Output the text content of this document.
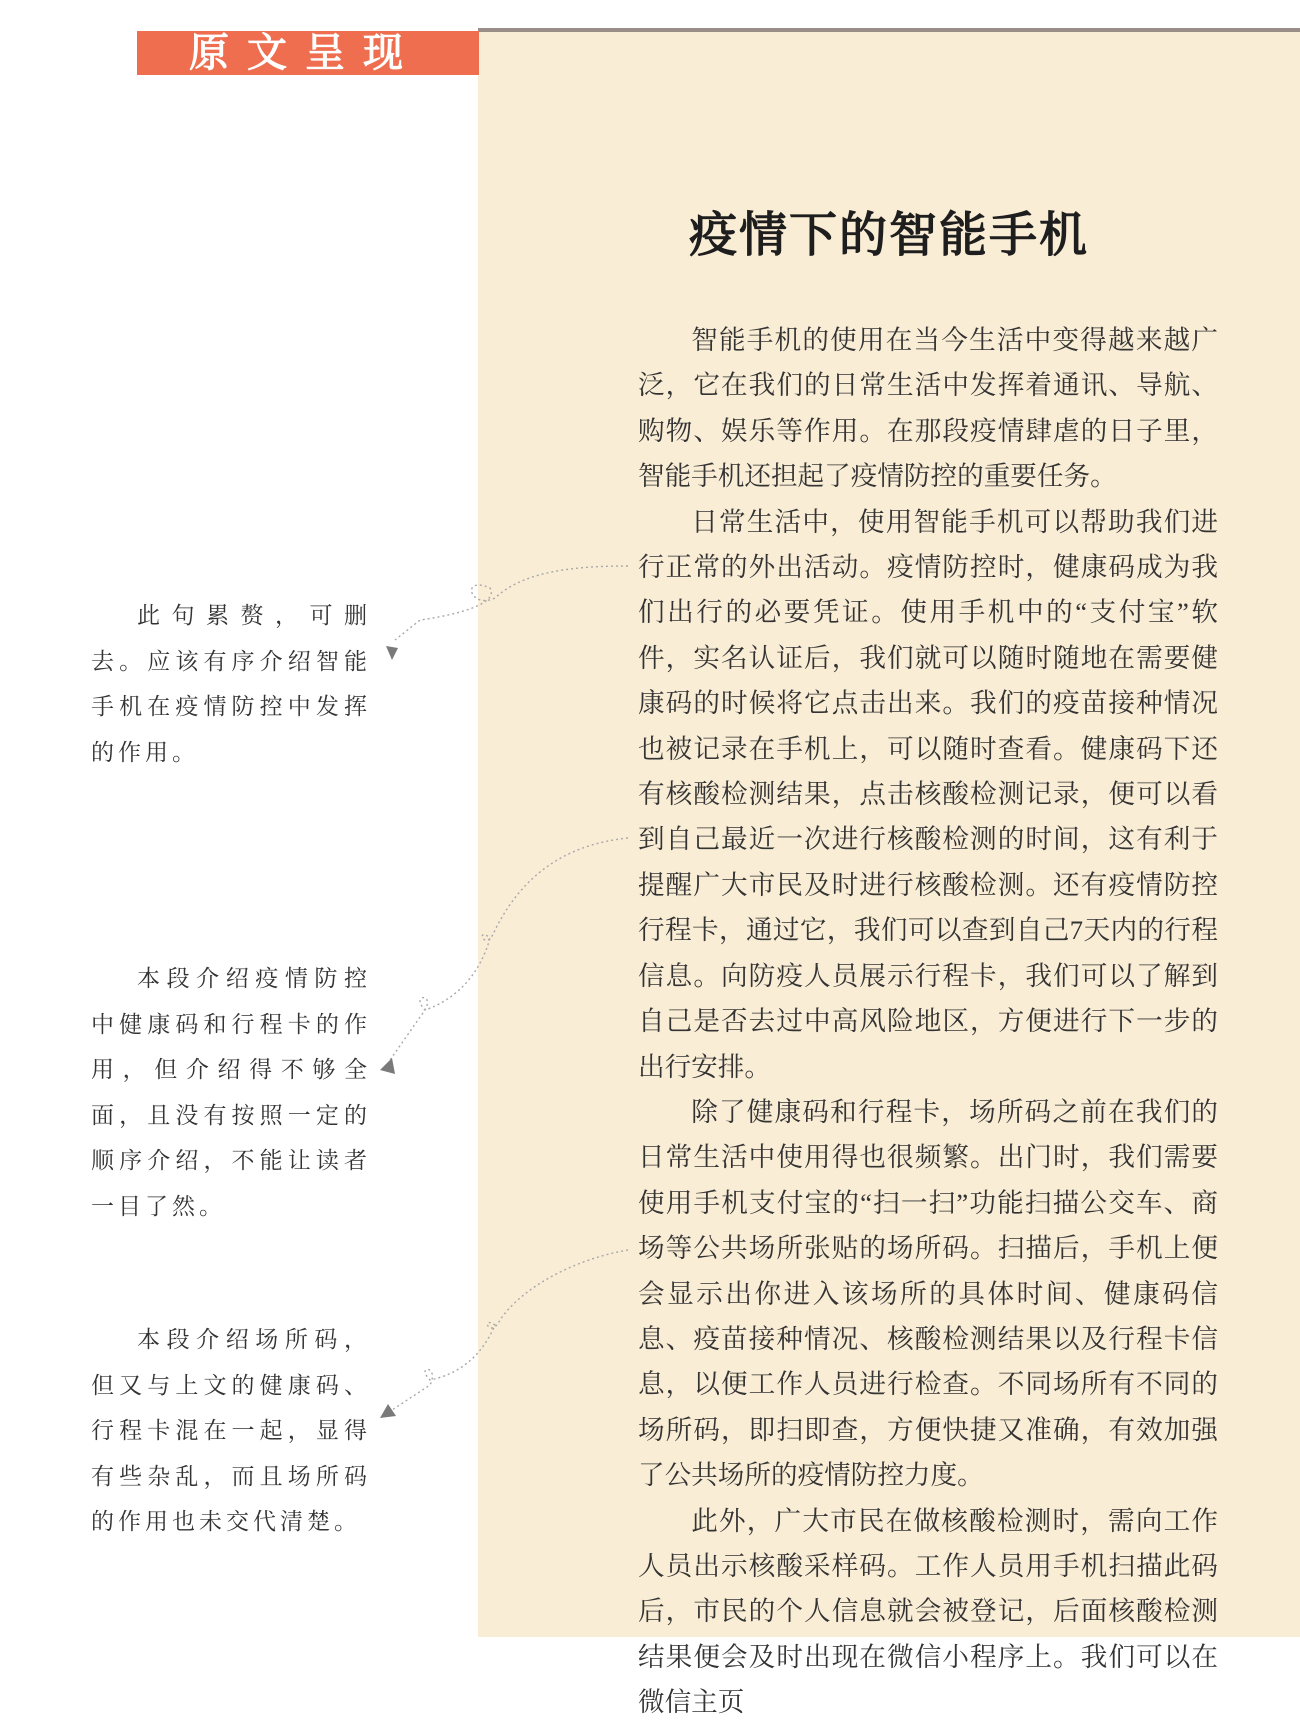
原文呈现
疫情下的智能手机

智能手机的使用在当今生活中变得越来越广泛，它在我们的日常生活中发挥着通讯、导航、购物、娱乐等作用。在那段疫情肆虐的日子里，智能手机还担起了疫情防控的重要任务。

日常生活中，使用智能手机可以帮助我们进行正常的外出活动。疫情防控时，健康码成为我们出行的必要凭证。使用手机中的“支付宝”软件，实名认证后，我们就可以随时随地在需要健康码的时候将它点击出来。我们的疫苗接种情况也被记录在手机上，可以随时查看。健康码下还有核酸检测结果，点击核酸检测记录，便可以看到自己最近一次进行核酸检测的时间，这有利于提醒广大市民及时进行核酸检测。还有疫情防控行程卡，通过它，我们可以查到自己7天内的行程信息。向防疫人员展示行程卡，我们可以了解到自己是否去过中高风险地区，方便进行下一步的出行安排。

除了健康码和行程卡，场所码之前在我们的日常生活中使用得也很频繁。出门时，我们需要使用手机支付宝的“扫一扫”功能扫描公交车、商场等公共场所张贴的场所码。扫描后，手机上便会显示出你进入该场所的具体时间、健康码信息、疫苗接种情况、核酸检测结果以及行程卡信息，以便工作人员进行检查。不同场所有不同的场所码，即扫即查，方便快捷又准确，有效加强了公共场所的疫情防控力度。

此外，广大市民在做核酸检测时，需向工作人员出示核酸采样码。工作人员用手机扫描此码后，市民的个人信息就会被登记，后面核酸检测结果便会及时出现在微信小程序上。我们可以在微信主页

此句累赘，可删去。应该有序介绍智能手机在疫情防控中发挥的作用。
本段介绍疫情防控中健康码和行程卡的作用，但介绍得不够全面，且没有按照一定的顺序介绍，不能让读者一目了然。
本段介绍场所码，但又与上文的健康码、行程卡混在一起，显得有些杂乱，而且场所码的作用也未交代清楚。
